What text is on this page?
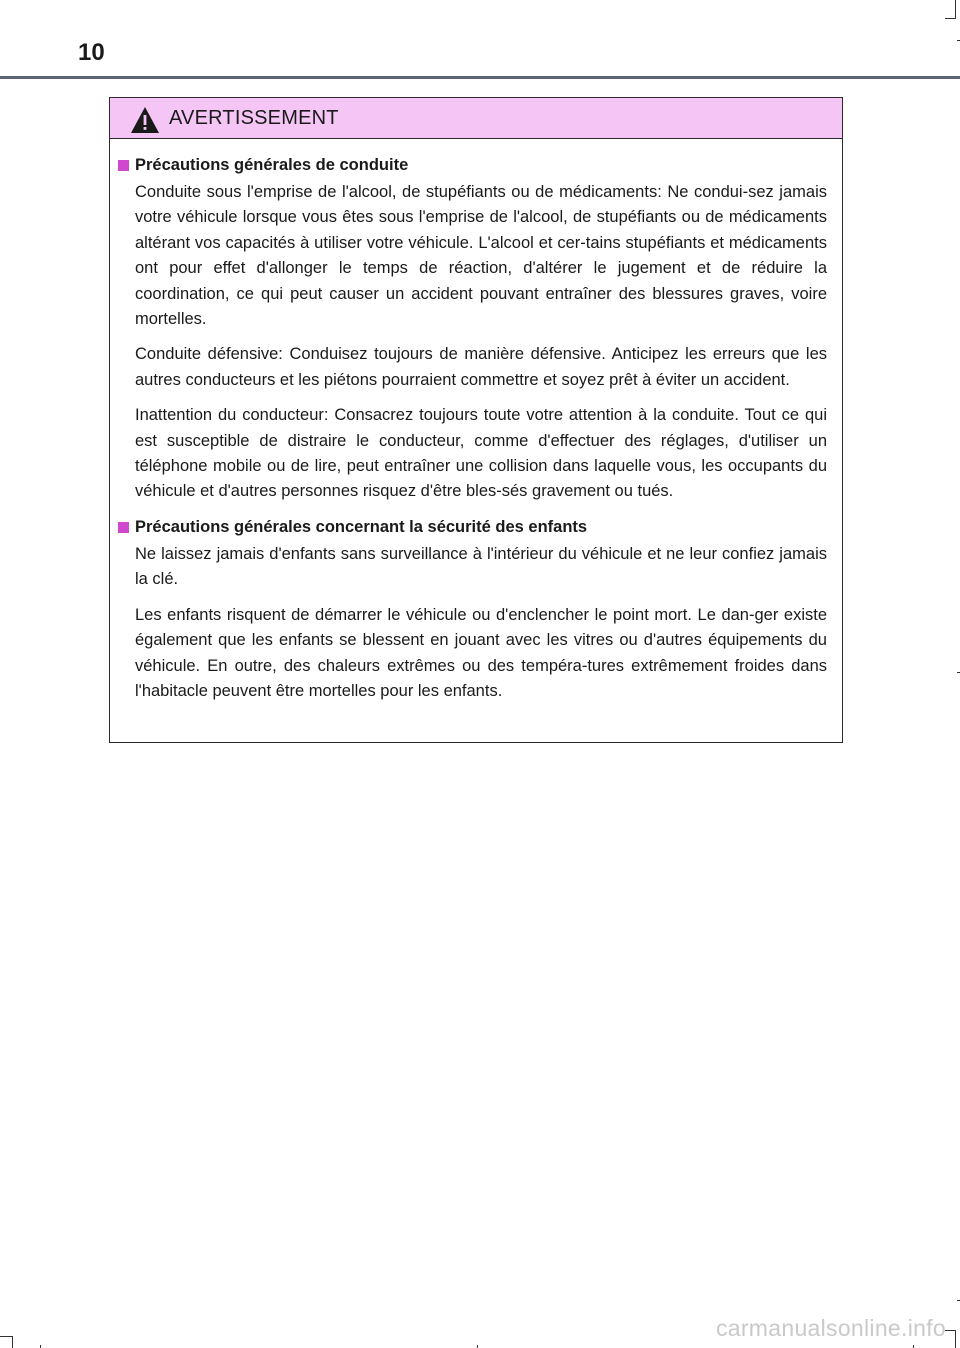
10
AVERTISSEMENT
Précautions générales de conduite

Conduite sous l'emprise de l'alcool, de stupéfiants ou de médicaments: Ne condui-sez jamais votre véhicule lorsque vous êtes sous l'emprise de l'alcool, de stupéfiants ou de médicaments altérant vos capacités à utiliser votre véhicule. L'alcool et cer-tains stupéfiants et médicaments ont pour effet d'allonger le temps de réaction, d'altérer le jugement et de réduire la coordination, ce qui peut causer un accident pouvant entraîner des blessures graves, voire mortelles.

Conduite défensive: Conduisez toujours de manière défensive. Anticipez les erreurs que les autres conducteurs et les piétons pourraient commettre et soyez prêt à éviter un accident.

Inattention du conducteur: Consacrez toujours toute votre attention à la conduite. Tout ce qui est susceptible de distraire le conducteur, comme d'effectuer des réglages, d'utiliser un téléphone mobile ou de lire, peut entraîner une collision dans laquelle vous, les occupants du véhicule et d'autres personnes risquez d'être bles-sés gravement ou tués.

Précautions générales concernant la sécurité des enfants

Ne laissez jamais d'enfants sans surveillance à l'intérieur du véhicule et ne leur confiez jamais la clé.

Les enfants risquent de démarrer le véhicule ou d'enclencher le point mort. Le dan-ger existe également que les enfants se blessent en jouant avec les vitres ou d'autres équipements du véhicule. En outre, des chaleurs extrêmes ou des tempéra-tures extrêmement froides dans l'habitacle peuvent être mortelles pour les enfants.

carmanualsonline.info
